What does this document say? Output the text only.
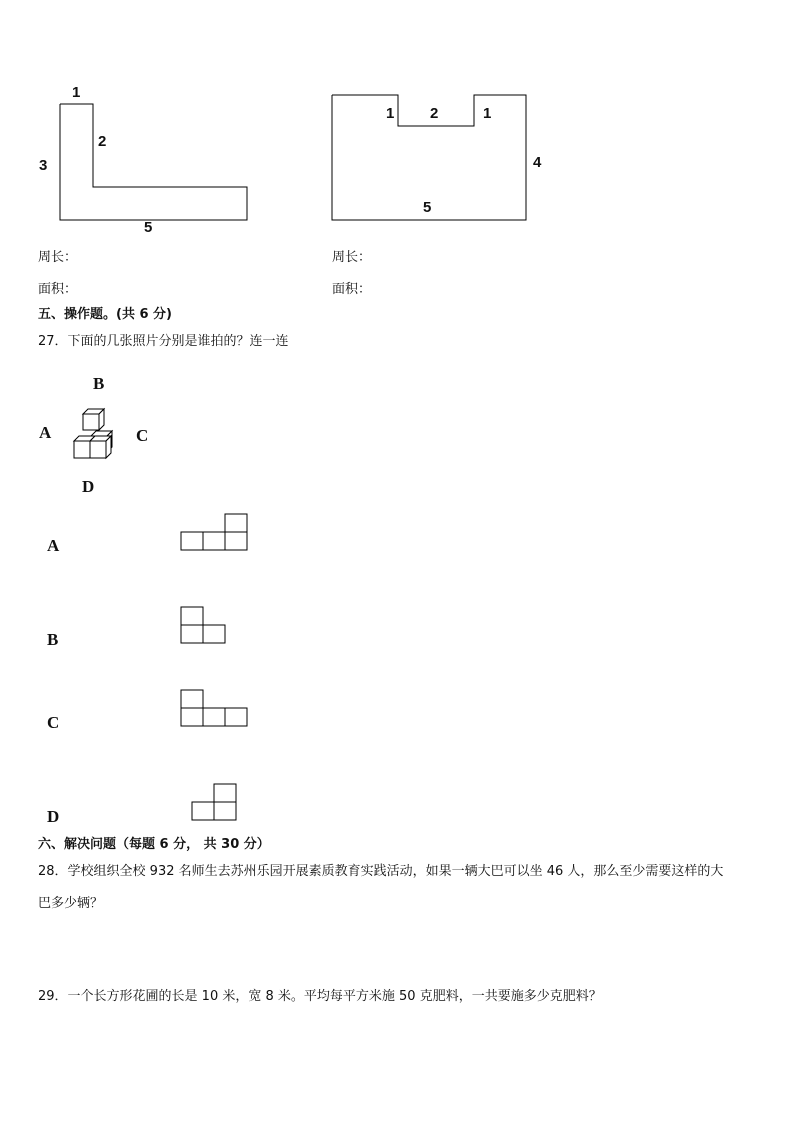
1
2
3
5
1 2	1
4
5
周长：	周长：
面积：	面积：
五、操作题。(共 6 分)
27．下面的几张照片分别是谁拍的？连一连
B
A	C
D
A
B
C
D
六、解决问题（每题 6 分， 共 30 分）
28．学校组织全校 932 名师生去苏州乐园开展素质教育实践活动，如果一辆大巴可以坐 46 人，那么至少需要这样的大
巴多少辆？
29．一个长方形花圃的长是 10 米，宽 8 米。平均每平方米施 50 克肥料，一共要施多少克肥料？
